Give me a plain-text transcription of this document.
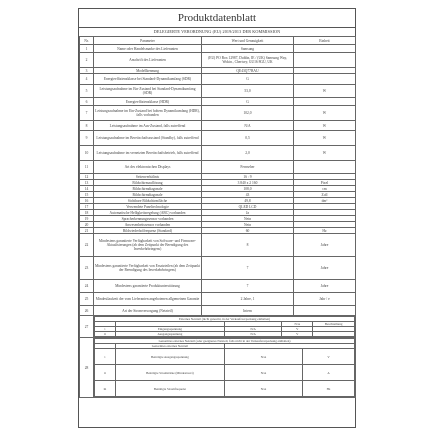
Produktdatenblatt
DELEGIERTE VERORDNUNG (EU) 2019/2013 DER KOMMISSION
Nr.	Parameter	Wert und Genauigkeit	Einheit
1	Name oder Handelsmarke des Lieferanten	Samsung	
2	Anschrift des Lieferanten	(EU) PO Box 12987, Dublin, IE / (UK) Samsung Way, Wokin., Chertsey, GU16 8GU, UK	
3	Modellkennung	QE43Q77BAU	
4	Energieeffizienzklasse bei Standard-Dynamikumfang (SDR)	G	
5	Leistungsaufnahme im Ein-Zustand bei Standard-Dynamikumfang (SDR)	53,0	W
6	Energieeffizienzklasse (HDR)	G	
7	Leistungsaufnahme im Ein-Zustand bei hohem Dynamikumfang (HDR), falls vorhanden	102,0	W
8	Leistungsaufnahme im Aus-Zustand, falls zutreffend	N/A	W
9	Leistungsaufnahme im Bereitschaftszustand (Standby), falls zutreffend	0,5	W
10	Leistungsaufnahme im vernetzten Bereitschaftsbetrieb, falls zutreffend	2,0	W
11	Art des elektronischen Displays	Fernseher	
12	Seitenverhältnis	16 : 9	
13	Bildschirmauflösung	3 840 x 2 160	Pixel
14	Bildschirmdiagonale	108,0	cm
15	Bildschirmdiagonale	43	Zoll
16	Sichtbare Bildschirmfläche	49,8	dm²
17	Verwendete Paneltechnologie	QLED LCD	
18	Automatische Helligkeitsregelung (ABC) vorhanden	Ja	
19	Spracherkennungssensor vorhanden	Nein	
20	Anwesenheitssensor vorhanden	Nein	
21	Bildwiederholfrequenz (Standard)	60	Hz
22	Mindestens garantierte Verfügbarkeit von Software- und Firmware-Aktualisierungen (ab dem Zeitpunkt der Beendigung des Inverkehrbringens)	8	Jahre
23	Mindestens garantierte Verfügbarkeit von Ersatzteilen (ab dem Zeitpunkt der Beendigung des Inverkehrbringens)	7	Jahre
24	Mindestens garantierte Produktunterstützung	7	Jahre
25	Mindestlaufzeit der vom Lieferanten angebotenen allgemeinen Garantie	2 Jahre, 1	Jahr / e
26	Art der Stromversorgung (Netzteil)	Intern	
27	
Externes Netzteil (nicht genormt, in der Verkaufsverpackung enthalten)
			N/A	Beschreibung
i	Eingangsspannung	N/A	V	
ii	Ausgangsspannung	N/A	V	

28	
Genormtes externes Netzteil (oder geeignetes Netzteil, falls nicht in der Verkaufsverpackung enthalten)
	Genormtes externes Netzteil	
i	Benötigte Ausgangsspannung	N/A	V
ii	Benötigte Stromstärke (Mindestwert)	N/A	A
iii	Benötigte Stromfrequenz	N/A	Hz
